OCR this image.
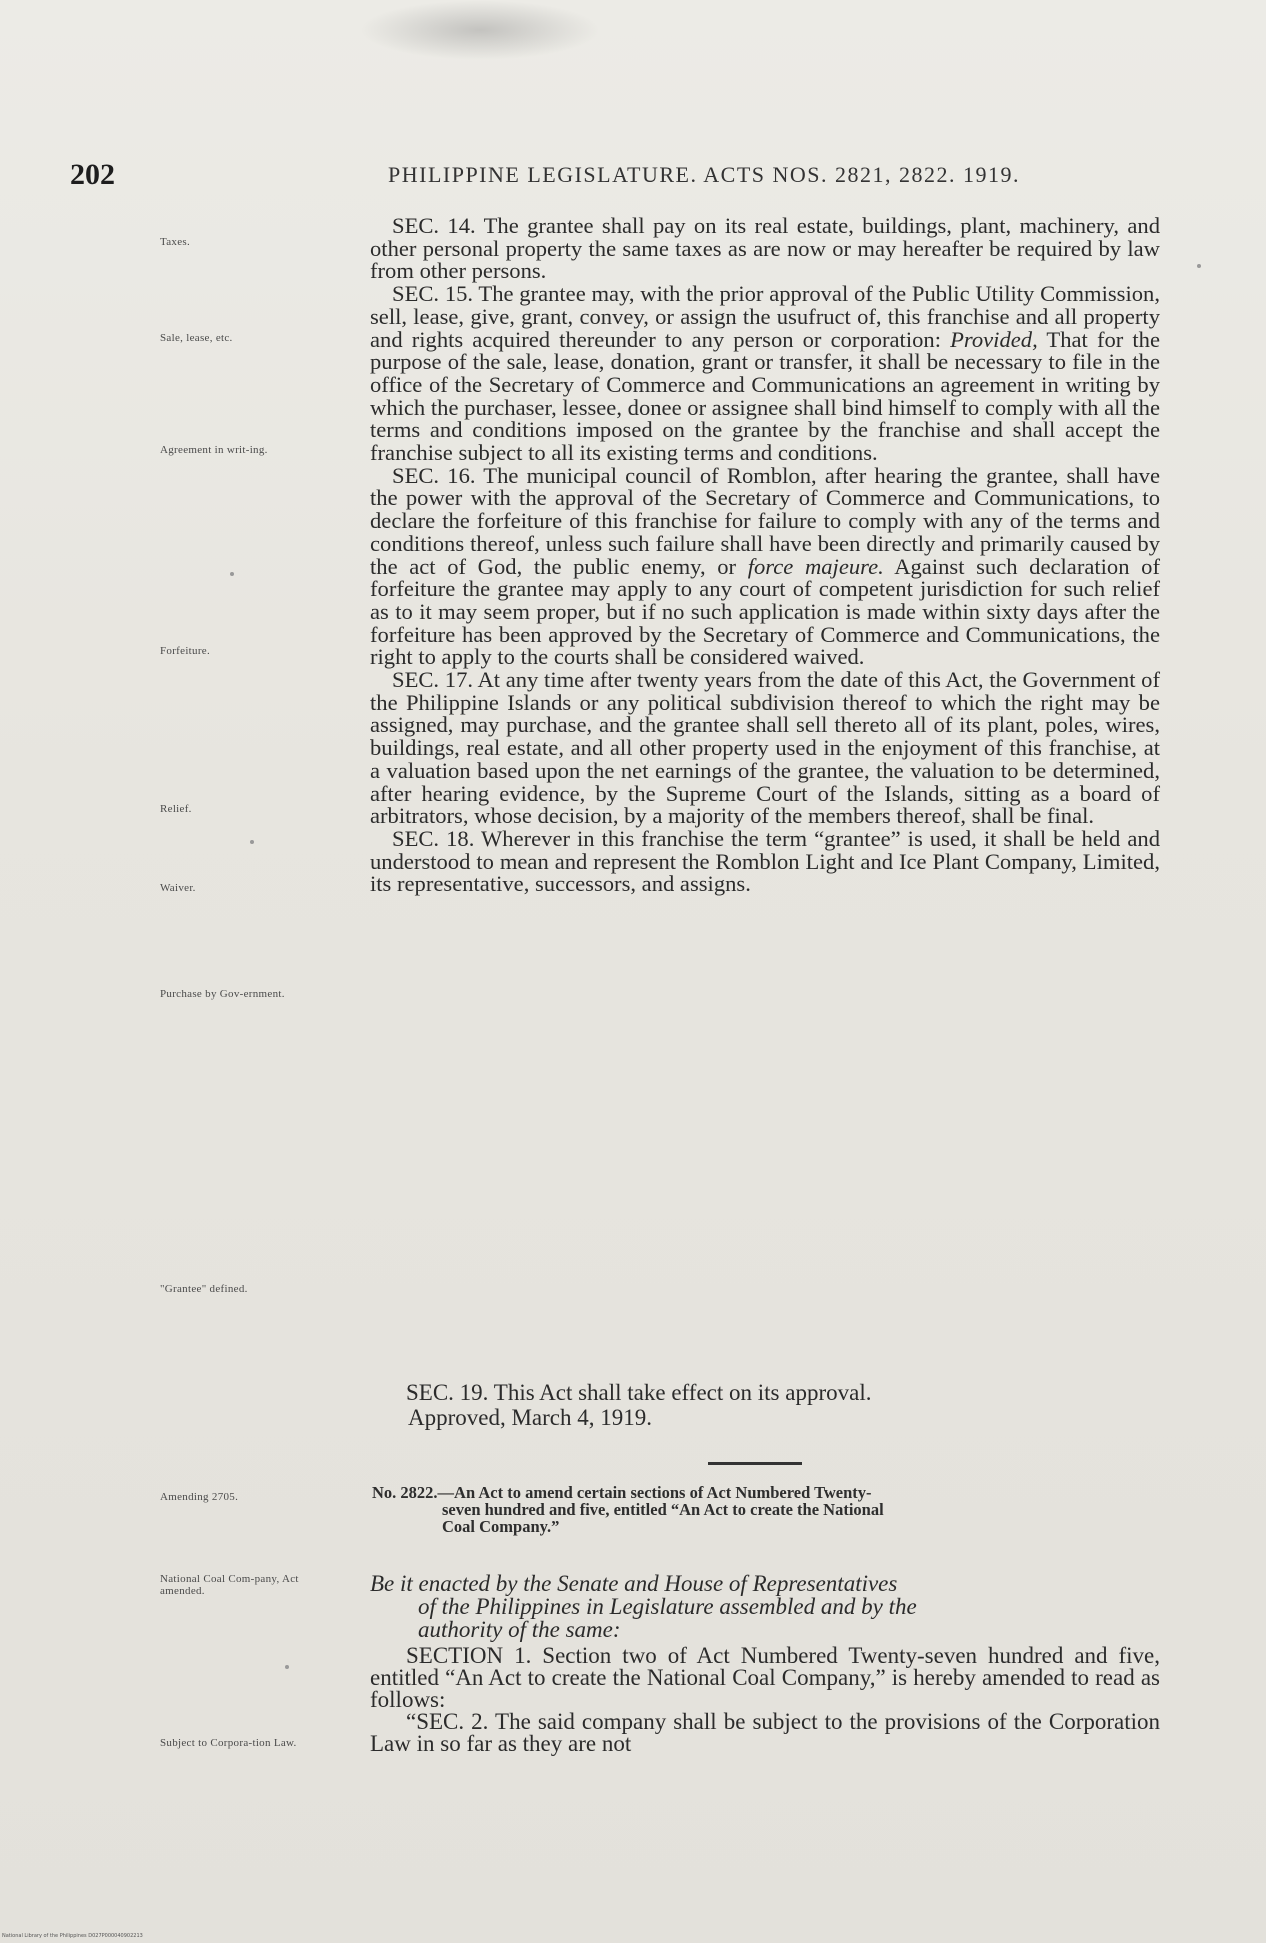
202	PHILIPPINE LEGISLATURE. ACTS NOS. 2821, 2822. 1919.
Taxes.
Sale, lease, etc.
Agreement in writ-ing.
Forfeiture.
Relief.
Waiver.
Purchase by Gov-ernment.
"Grantee" defined.
Amending 2705.
National Coal Com-pany, Act amended.
Subject to Corpora-tion Law.

SEC. 14. The grantee shall pay on its real estate, buildings, plant, machinery, and other personal property the same taxes as are now or may hereafter be required by law from other persons.

SEC. 15. The grantee may, with the prior approval of the Public Utility Commission, sell, lease, give, grant, convey, or assign the usufruct of, this franchise and all property and rights acquired thereunder to any person or corporation: Provided, That for the purpose of the sale, lease, donation, grant or transfer, it shall be necessary to file in the office of the Secretary of Commerce and Communications an agreement in writing by which the purchaser, lessee, donee or assignee shall bind himself to comply with all the terms and conditions imposed on the grantee by the franchise and shall accept the franchise subject to all its existing terms and conditions.

SEC. 16. The municipal council of Romblon, after hearing the grantee, shall have the power with the approval of the Secretary of Commerce and Communications, to declare the forfeiture of this franchise for failure to comply with any of the terms and conditions thereof, unless such failure shall have been directly and primarily caused by the act of God, the public enemy, or force majeure. Against such declaration of forfeiture the grantee may apply to any court of competent jurisdiction for such relief as to it may seem proper, but if no such application is made within sixty days after the forfeiture has been approved by the Secretary of Commerce and Communications, the right to apply to the courts shall be considered waived.

SEC. 17. At any time after twenty years from the date of this Act, the Government of the Philippine Islands or any political subdivision thereof to which the right may be assigned, may purchase, and the grantee shall sell thereto all of its plant, poles, wires, buildings, real estate, and all other property used in the enjoyment of this franchise, at a valuation based upon the net earnings of the grantee, the valuation to be determined, after hearing evidence, by the Supreme Court of the Islands, sitting as a board of arbitrators, whose decision, by a majority of the members thereof, shall be final.

SEC. 18. Wherever in this franchise the term “grantee” is used, it shall be held and understood to mean and represent the Romblon Light and Ice Plant Company, Limited, its representative, successors, and assigns.

SEC. 19. This Act shall take effect on its approval.
Approved, March 4, 1919.
No. 2822.—An Act to amend certain sections of Act Numbered Twenty-
seven hundred and five, entitled “An Act to create the National
Coal Company.”
Be it enacted by the Senate and House of Representatives
of the Philippines in Legislature assembled and by the
authority of the same:

SECTION 1. Section two of Act Numbered Twenty-seven hundred and five, entitled “An Act to create the National Coal Company,” is hereby amended to read as follows:

“SEC. 2. The said company shall be subject to the provisions of the Corporation Law in so far as they are not

National Library of the Philippines D027P000040902213
